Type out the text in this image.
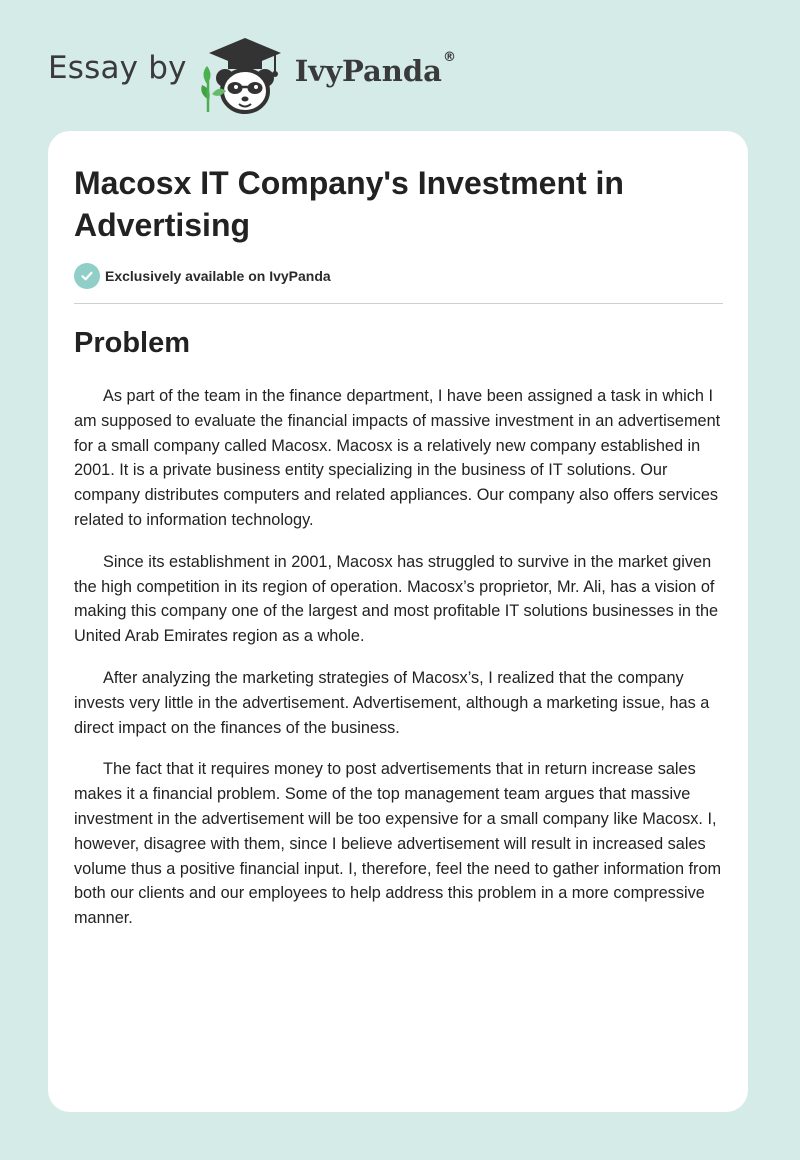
Essay by	IvyPanda®
Macosx IT Company's Investment in Advertising
Exclusively available on IvyPanda
Problem

As part of the team in the finance department, I have been assigned a task in which I am supposed to evaluate the financial impacts of massive investment in an advertisement for a small company called Macosx. Macosx is a relatively new company established in 2001. It is a private business entity specializing in the business of IT solutions. Our company distributes computers and related appliances. Our company also offers services related to information technology.

Since its establishment in 2001, Macosx has struggled to survive in the market given the high competition in its region of operation. Macosx’s proprietor, Mr. Ali, has a vision of making this company one of the largest and most profitable IT solutions businesses in the United Arab Emirates region as a whole.

After analyzing the marketing strategies of Macosx’s, I realized that the company invests very little in the advertisement. Advertisement, although a marketing issue, has a direct impact on the finances of the business.

The fact that it requires money to post advertisements that in return increase sales makes it a financial problem. Some of the top management team argues that massive investment in the advertisement will be too expensive for a small company like Macosx. I, however, disagree with them, since I believe advertisement will result in increased sales volume thus a positive financial input. I, therefore, feel the need to gather information from both our clients and our employees to help address this problem in a more compressive manner.
